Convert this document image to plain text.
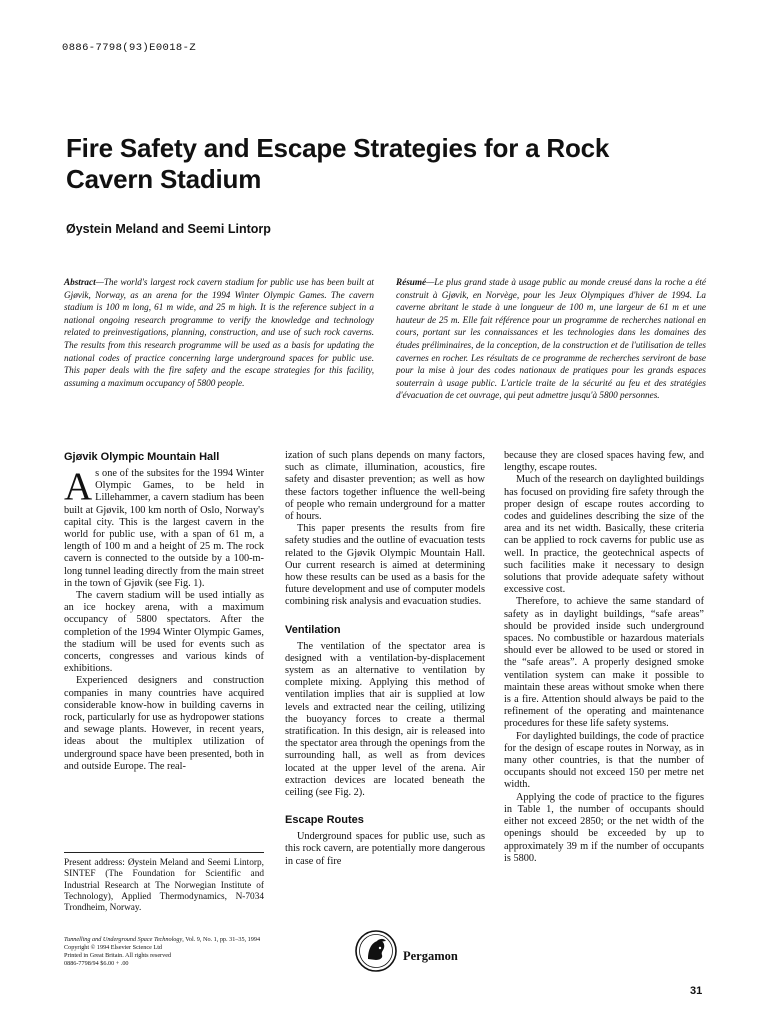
0886-7798(93)E0018-Z
Fire Safety and Escape Strategies for a Rock Cavern Stadium
Øystein Meland and Seemi Lintorp
Abstract—The world's largest rock cavern stadium for public use has been built at Gjøvik, Norway, as an arena for the 1994 Winter Olympic Games. The cavern stadium is 100 m long, 61 m wide, and 25 m high. It is the reference subject in a national ongoing research programme to verify the knowledge and technology related to preinvestigations, planning, construction, and use of such rock caverns. The results from this research programme will be used as a basis for updating the national codes of practice concerning large underground spaces for public use. This paper deals with the fire safety and the escape strategies for this facility, assuming a maximum occupancy of 5800 people.
Résumé—Le plus grand stade à usage public au monde creusé dans la roche a été construit à Gjøvik, en Norvège, pour les Jeux Olympiques d'hiver de 1994. La caverne abritant le stade à une longueur de 100 m, une largeur de 61 m et une hauteur de 25 m. Elle fait référence pour un programme de recherches national en cours, portant sur les connaissances et les technologies dans les domaines des études préliminaires, de la conception, de la construction et de l'utilisation de telles cavernes en rocher. Les résultats de ce programme de recherches serviront de base pour la mise à jour des codes nationaux de pratiques pour les grands espaces souterrain à usage public. L'article traite de la sécurité au feu et des stratégies d'évacuation de cet ouvrage, qui peut admettre jusqu'à 5800 personnes.
Gjøvik Olympic Mountain Hall

As one of the subsites for the 1994 Winter Olympic Games, to be held in Lillehammer, a cavern stadium has been built at Gjøvik, 100 km north of Oslo, Norway's capital city. This is the largest cavern in the world for public use, with a span of 61 m, a length of 100 m and a height of 25 m. The rock cavern is connected to the outside by a 100-m-long tunnel leading directly from the main street in the town of Gjøvik (see Fig. 1).

The cavern stadium will be used intially as an ice hockey arena, with a maximum occupancy of 5800 spectators. After the completion of the 1994 Winter Olympic Games, the stadium will be used for events such as concerts, congresses and various kinds of exhibitions.

Experienced designers and construction companies in many countries have acquired considerable know-how in building caverns in rock, particularly for use as hydropower stations and sewage plants. However, in recent years, ideas about the multiplex utilization of underground space have been presented, both in and outside Europe. The real-

ization of such plans depends on many factors, such as climate, illumination, acoustics, fire safety and disaster prevention; as well as how these factors together influence the well-being of people who remain underground for a matter of hours.

This paper presents the results from fire safety studies and the outline of evacuation tests related to the Gjøvik Olympic Mountain Hall. Our current research is aimed at determining how these results can be used as a basis for the future development and use of computer models combining risk analysis and evacuation studies.

Ventilation

The ventilation of the spectator area is designed with a ventilation-by-displacement system as an alternative to ventilation by complete mixing. Applying this method of ventilation implies that air is supplied at low levels and extracted near the ceiling, utilizing the buoyancy forces to create a thermal stratification. In this design, air is released into the spectator area through the openings from the surrounding hall, as well as from devices located at the upper level of the arena. Air extraction devices are located beneath the ceiling (see Fig. 2).

Escape Routes

Underground spaces for public use, such as this rock cavern, are potentially more dangerous in case of fire

because they are closed spaces having few, and lengthy, escape routes.

Much of the research on daylighted buildings has focused on providing fire safety through the proper design of escape routes according to codes and guidelines describing the size of the area and its net width. Basically, these criteria can be applied to rock caverns for public use as well. In practice, the geotechnical aspects of such facilities make it necessary to design solutions that provide adequate safety without excessive cost.

Therefore, to achieve the same standard of safety as in daylight buildings, “safe areas” should be provided inside such underground spaces. No combustible or hazardous materials should ever be allowed to be used or stored in the “safe areas”. A properly designed smoke ventilation system can make it possible to maintain these areas without smoke when there is a fire. Attention should always be paid to the refinement of the operating and maintenance procedures for these life safety systems.

For daylighted buildings, the code of practice for the design of escape routes in Norway, as in many other countries, is that the number of occupants should not exceed 150 per metre net width.

Applying the code of practice to the figures in Table 1, the number of occupants should either not exceed 2850; or the net width of the openings should be exceeded by up to approximately 39 m if the number of occupants is 5800.

Present address: Øystein Meland and Seemi Lintorp, SINTEF (The Foundation for Scientific and Industrial Research at The Norwegian Institute of Technology), Applied Thermodynamics, N-7034 Trondheim, Norway.
Tunnelling and Underground Space Technology, Vol. 9, No. 1, pp. 31–35, 1994
Copyright © 1994 Elsevier Science Ltd
Printed in Great Britain. All rights reserved
0886-7798/94 $6.00 + .00
Pergamon
31
